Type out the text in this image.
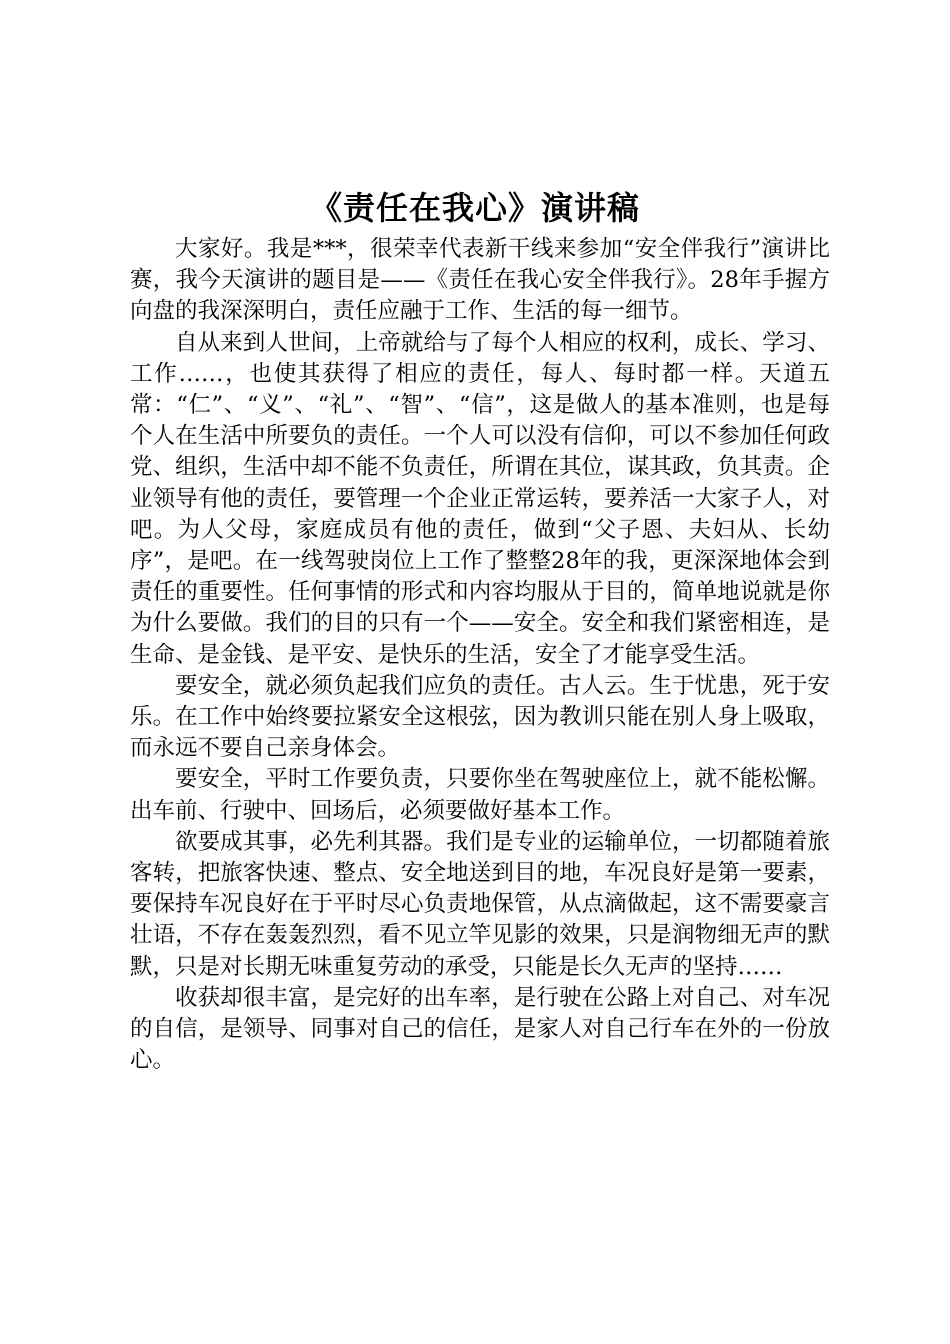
《责任在我心》演讲稿

大家好。我是***，很荣幸代表新干线来参加“安全伴我行”演讲比赛，我今天演讲的题目是——《责任在我心安全伴我行》。28年手握方向盘的我深深明白，责任应融于工作、生活的每一细节。

自从来到人世间，上帝就给与了每个人相应的权利，成长、学习、工作……，也使其获得了相应的责任，每人、每时都一样。天道五常：“仁”、“义”、“礼”、“智”、“信”，这是做人的基本准则，也是每个人在生活中所要负的责任。一个人可以没有信仰，可以不参加任何政党、组织，生活中却不能不负责任，所谓在其位，谋其政，负其责。企业领导有他的责任，要管理一个企业正常运转，要养活一大家子人，对吧。为人父母，家庭成员有他的责任，做到“父子恩、夫妇从、长幼序”，是吧。在一线驾驶岗位上工作了整整28年的我，更深深地体会到责任的重要性。任何事情的形式和内容均服从于目的，简单地说就是你为什么要做。我们的目的只有一个——安全。安全和我们紧密相连，是生命、是金钱、是平安、是快乐的生活，安全了才能享受生活。

要安全，就必须负起我们应负的责任。古人云。生于忧患，死于安乐。在工作中始终要拉紧安全这根弦，因为教训只能在别人身上吸取，而永远不要自己亲身体会。

要安全，平时工作要负责，只要你坐在驾驶座位上，就不能松懈。出车前、行驶中、回场后，必须要做好基本工作。

欲要成其事，必先利其器。我们是专业的运输单位，一切都随着旅客转，把旅客快速、整点、安全地送到目的地，车况良好是第一要素，要保持车况良好在于平时尽心负责地保管，从点滴做起，这不需要豪言壮语，不存在轰轰烈烈，看不见立竿见影的效果，只是润物细无声的默默，只是对长期无味重复劳动的承受，只能是长久无声的坚持……

收获却很丰富，是完好的出车率，是行驶在公路上对自己、对车况的自信，是领导、同事对自己的信任，是家人对自己行车在外的一份放心。
